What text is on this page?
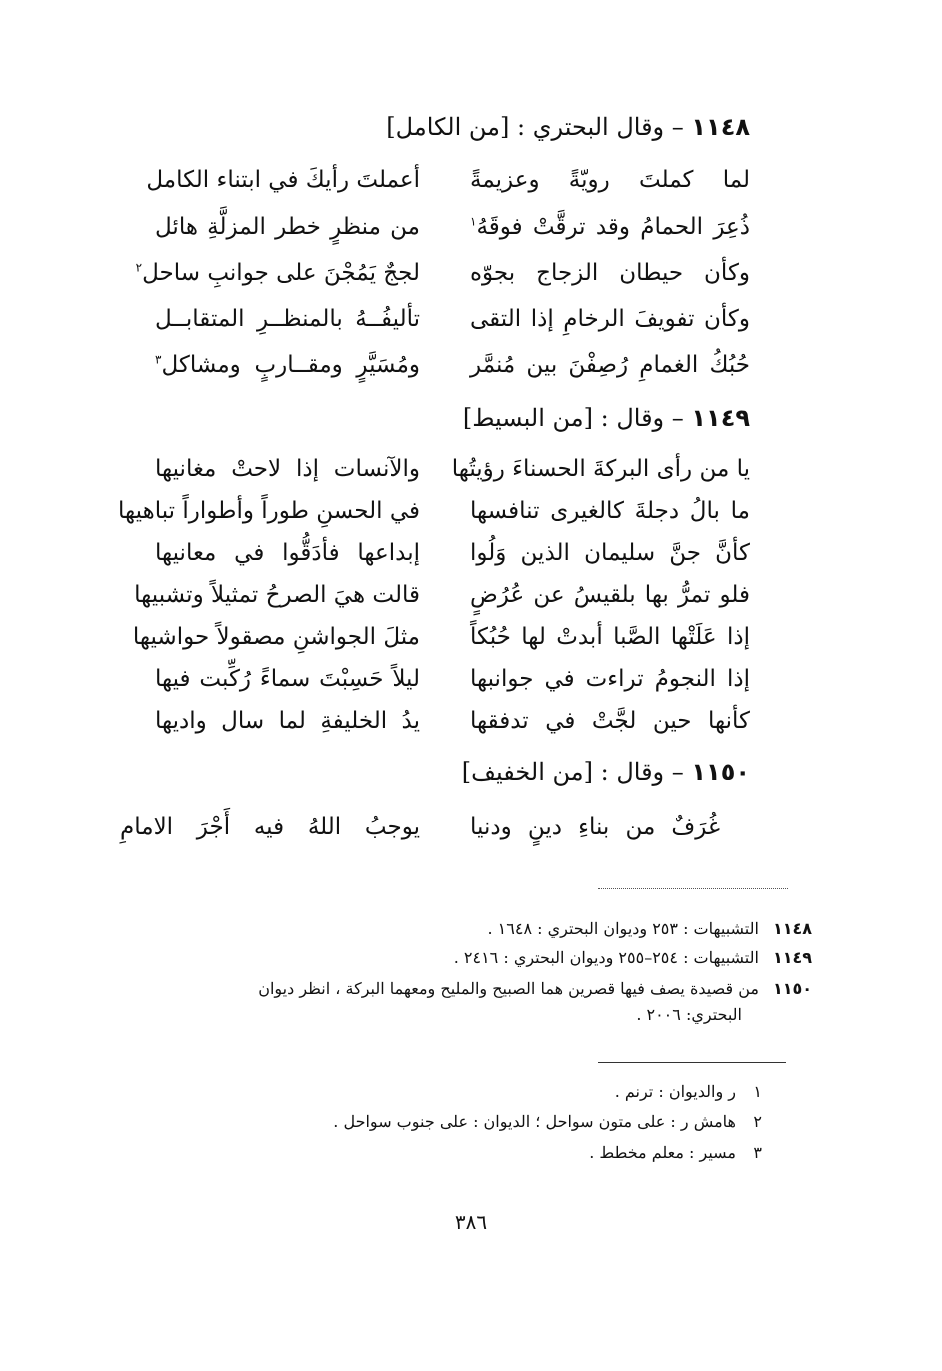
١١٤٨ – وقال البحتري : [من الكامل]
لما كملتَ رويّةً وعزيمةً
أعملتَ رأيكَ في ابتناء الكامل
ذُعِرَ الحمامُ وقد ترقَّتْ فوقَهُ$^١$
من منظرٍ خطر المزلَّةِ هائل
وكأن حيطان الزجاج بجوّه
لججٌ يَمُجْنَ على جوانبِ ساحل$^٢$
وكأن تفويفَ الرخامِ إذا التقى
تأليفُــهُ بالمنظــرِ المتقابــل
حُبُكُ الغمامِ رُصِفْنَ بين مُنمَّر
ومُسَيَّرٍ ومقــاربٍ ومشاكل$^٣$
١١٤٩ – وقال : [من البسيط]
يا من رأى البركةَ الحسناءَ رؤيتُها
والآنسات إذا لاحتْ مغانيها
ما بالُ دجلةَ كالغيرى تنافسها
في الحسنِ طوراً وأطواراً تباهيها
كأنَّ جنَّ سليمان الذين وَلُوا
إبداعها فأدَقُّوا في معانيها
فلو تمرُّ بها بلقيسُ عن عُرُضٍ
قالت هيَ الصرحُ تمثيلاً وتشبيها
إذا عَلَتْها الصَّبا أبدتْ لها حُبُكاً
مثلَ الجواشنِ مصقولاً حواشيها
إذا النجومُ تراءت في جوانبها
ليلاً حَسِبْتَ سماءً رُكِّبت فيها
كأنها حين لجَّتْ في تدفقها
يدُ الخليفةِ لما سال واديها
١١٥٠ – وقال : [من الخفيف]
غُرَفٌ من بناءِ دينٍ ودنيا
يوجبُ اللهُ فيه أَجْرَ الامامِ
١١٤٨التشبيهات : ٢٥٣ وديوان البحتري : ١٦٤٨ .
١١٤٩التشبيهات : ٢٥٤–٢٥٥ وديوان البحتري : ٢٤١٦ .
١١٥٠من قصيدة يصف فيها قصرين هما الصبيح والمليح ومعهما البركة ، انظر ديوان
البحتري: ٢٠٠٦ .
١ر والديوان : ترنم .
٢هامش ر : على متون سواحل ؛ الديوان : على جنوب سواحل .
٣مسير : معلم مخطط .
٣٨٦
